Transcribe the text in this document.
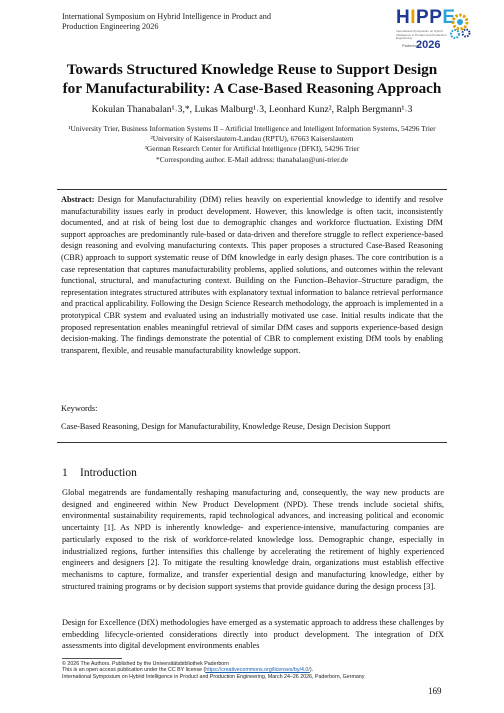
International Symposium on Hybrid Intelligence in Product and
Production Engineering 2026	HIPPE
International Symposium on Hybrid Intelligence in Product and Production Engineering
Paderborn
2026
Towards Structured Knowledge Reuse to Support Design
for Manufacturability: A Case-Based Reasoning Approach
Kokulan Thanabalan¹˒3,*, Lukas Malburg¹˒3, Leonhard Kunz², Ralph Bergmann¹˒3
¹University Trier, Business Information Systems II – Artificial Intelligence and Intelligent Information Systems, 54296 Trier
²University of Kaiserslautern-Landau (RPTU), 67663 Kaiserslautern
³German Research Center for Artificial Intelligence (DFKI), 54296 Trier
*Corresponding author. E-Mail address: thanabalan@uni-trier.de
Abstract: Design for Manufacturability (DfM) relies heavily on experiential knowledge to identify and resolve manufacturability issues early in product development. However, this knowledge is often tacit, inconsistently documented, and at risk of being lost due to demographic changes and workforce fluctuation. Existing DfM support approaches are predominantly rule-based or data-driven and therefore struggle to reflect experience-based design reasoning and evolving manufacturing contexts. This paper proposes a structured Case-Based Reasoning (CBR) approach to support systematic reuse of DfM knowledge in early design phases. The core contribution is a case representation that captures manufacturability problems, applied solutions, and outcomes within the relevant functional, structural, and manufacturing context. Building on the Function–Behavior–Structure paradigm, the representation integrates structured attributes with explanatory textual information to balance retrieval performance and practical applicability. Following the Design Science Research methodology, the approach is implemented in a prototypical CBR system and evaluated using an industrially motivated use case. Initial results indicate that the proposed representation enables meaningful retrieval of similar DfM cases and supports experience-based design decision-making. The findings demonstrate the potential of CBR to complement existing DfM tools by enabling transparent, flexible, and reusable manufacturability knowledge support.
Keywords:
Case-Based Reasoning, Design for Manufacturability, Knowledge Reuse, Design Decision Support
1 Introduction
Global megatrends are fundamentally reshaping manufacturing and, consequently, the way new products are designed and engineered within New Product Development (NPD). These trends include societal shifts, environmental sustainability requirements, rapid technological advances, and increasing political and economic uncertainty [1]. As NPD is inherently knowledge- and experience-intensive, manufacturing companies are particularly exposed to the risk of workforce-related knowledge loss. Demographic change, especially in industrialized regions, further intensifies this challenge by accelerating the retirement of highly experienced engineers and designers [2]. To mitigate the resulting knowledge drain, organizations must establish effective mechanisms to capture, formalize, and transfer experiential design and manufacturing knowledge, either by structured training programs or by decision support systems that provide guidance during the design process [3].
Design for Excellence (DfX) methodologies have emerged as a systematic approach to address these challenges by embedding lifecycle-oriented considerations directly into product development. The integration of DfX assessments into digital development environments enables
© 2026 The Authors. Published by the Universitätsbibliothek Paderborn
This is an open access publication under the CC BY license (https://creativecommons.org/licenses/by/4.0/).
International Symposium on Hybrid Intelligence in Product and Production Engineering, March 24–26 2026, Paderborn, Germany
169
